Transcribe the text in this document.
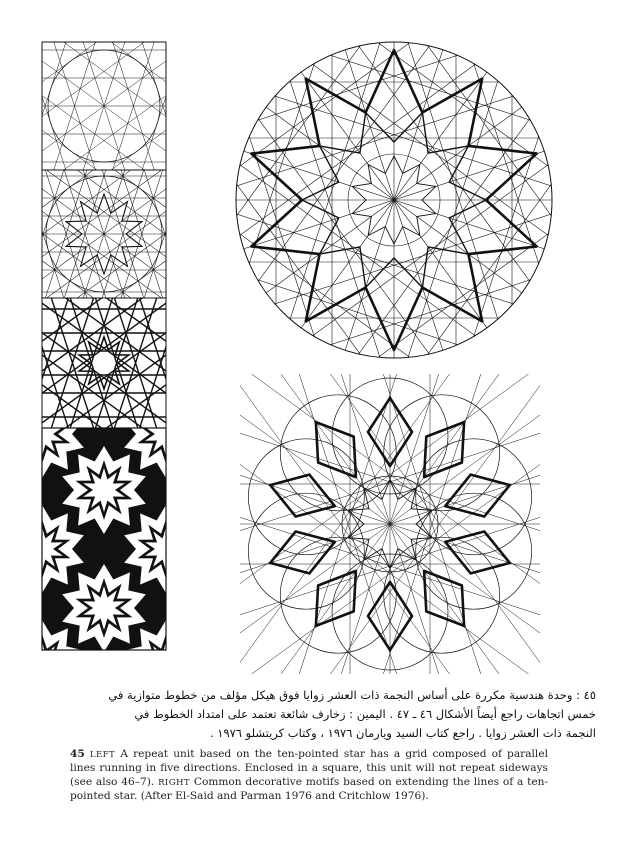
٤٥ : وحدة هندسية مكررة على أساس النجمة ذات العشر زوايا فوق هيكل مؤلف من خطوط متوازية في
خمس اتجاهات راجع أيضاً الأشكال ٤٦ ـ ٤٧ . اليمين : زخارف شائعة تعتمد على امتداد الخطوط في
النجمة ذات العشر زوايا . راجع كتاب السيد ويارمان ١٩٧٦ ، وكتاب كريتشلو ١٩٧٦ .
45 LEFT A repeat unit based on the ten-pointed star has a grid composed of parallel lines running in five directions. Enclosed in a square, this unit will not repeat sideways (see also 46–7). RIGHT Common decorative motifs based on extending the lines of a ten-pointed star. (After El-Said and Parman 1976 and Critchlow 1976).
